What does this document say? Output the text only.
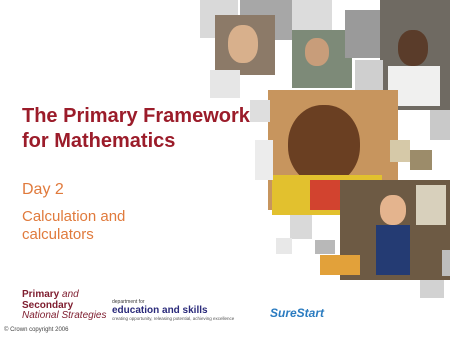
The Primary Framework
for Mathematics
Day 2
Calculation and
calculators
Primary and
Secondary
National Strategies
department for
education and skills
creating opportunity, releasing potential, achieving excellence	SureStart
© Crown copyright 2006
